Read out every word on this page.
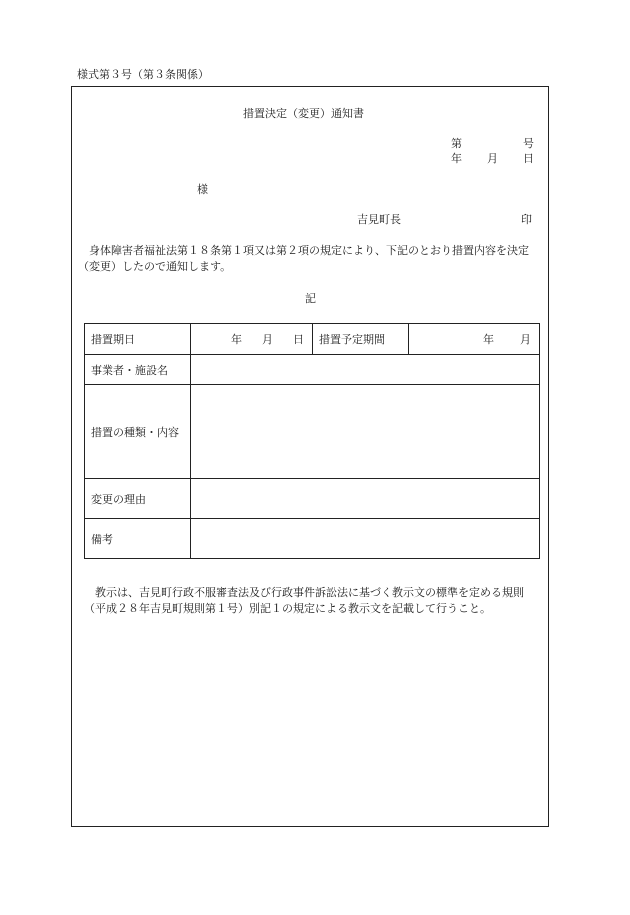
様式第３号（第３条関係）
措置決定（変更）通知書
第	号
年 月 日
様
吉見町長	印
身体障害者福祉法第１８条第１項又は第２項の規定により、下記のとおり措置内容を決定（変更）したので通知します。
記
措置期日	年 月 日	措置予定期間	年 月

事業者・施設名			
措置の種類・内容			
変更の理由			
備考			
教示は、吉見町行政不服審査法及び行政事件訴訟法に基づく教示文の標準を定める規則（平成２８年吉見町規則第１号）別記１の規定による教示文を記載して行うこと。
